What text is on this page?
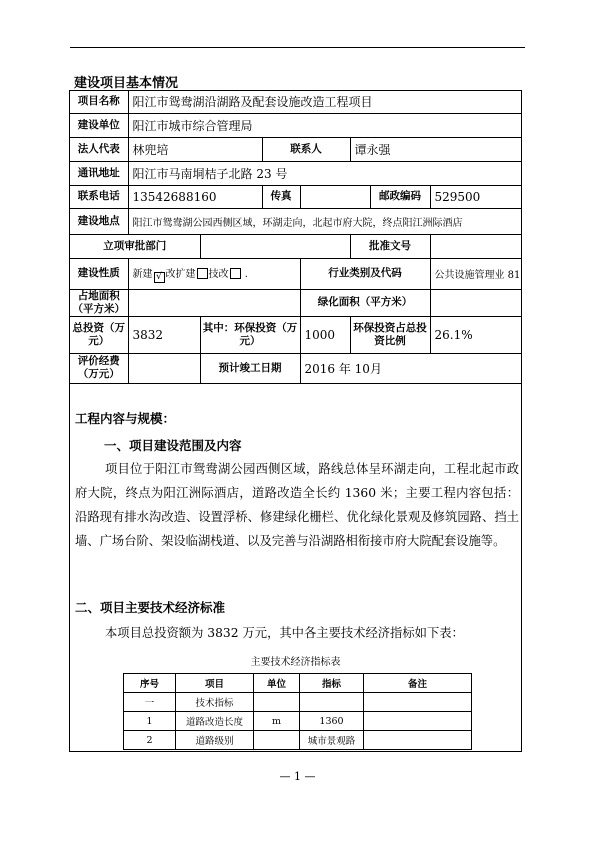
建设项目基本情况
项目名称	阳江市鸳鸯湖沿湖路及配套设施改造工程项目						
建设单位	阳江市城市综合管理局						
法人代表	林兜培		联系人		谭永强		
通讯地址	阳江市马南垌桔子北路 23 号						
联系电话	13542688160		传真			邮政编码	529500
建设地点	阳江市鸳鸯湖公园西侧区域，环湖走向，北起市府大院，终点阳江洲际酒店						
立项审批部门					批准文号		
建设性质	新建 √ 改扩建 技改 .			行业类别及代码			公共设施管理业 81
占地面积（平方米）				绿化面积（平方米）			
总投资（万元）	3832	其中：环保投资（万元）		1000	环保投资占总投资比例		26.1%
评价经费（万元）		预计竣工日期		2016 年 10月			
工程内容与规模：
一、项目建设范围及内容
项目位于阳江市鸳鸯湖公园西侧区域，路线总体呈环湖走向，工程北起市政府大院，终点为阳江洲际酒店，道路改造全长约 1360 米；主要工程内容包括：沿路现有排水沟改造、设置浮桥、修建绿化栅栏、优化绿化景观及修筑园路、挡土墙、广场台阶、架设临湖栈道、以及完善与沿湖路相衔接市府大院配套设施等。
二、项目主要技术经济标准
本项目总投资额为 3832 万元，其中各主要技术经济指标如下表：
主要技术经济指标表
序号	项目	单位	指标	备注
一	技术指标			
1	道路改造长度	m	1360	
2	道路级别		城市景观路	
— 1 —
